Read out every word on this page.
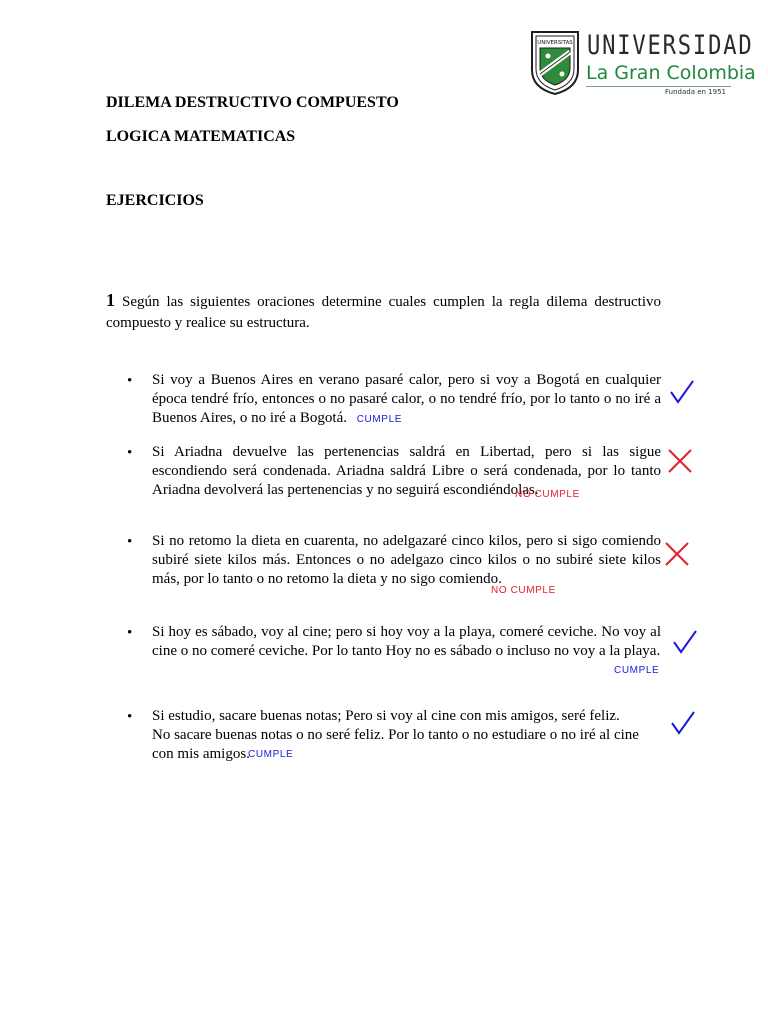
UNIVERSITAS UNIVERSIDAD
La Gran Colombia
Fundada en 1951
DILEMA DESTRUCTIVO COMPUESTO
LOGICA MATEMATICAS
EJERCICIOS
1 Según las siguientes oraciones determine cuales cumplen la regla dilema destructivo compuesto y realice su estructura.
• Si voy a Buenos Aires en verano pasaré calor, pero si voy a Bogotá en cualquier época tendré frío, entonces o no pasaré calor, o no tendré frío, por lo tanto o no iré a Buenos Aires, o no iré a Bogotá. CUMPLE
• Si Ariadna devuelve las pertenencias saldrá en Libertad, pero si las sigue escondiendo será condenada. Ariadna saldrá Libre o será condenada, por lo tanto Ariadna devolverá las pertenencias y no seguirá escondiéndolas.
NO CUMPLE
• Si no retomo la dieta en cuarenta, no adelgazaré cinco kilos, pero si sigo comiendo subiré siete kilos más. Entonces o no adelgazo cinco kilos o no subiré siete kilos más, por lo tanto o no retomo la dieta y no sigo comiendo.
NO CUMPLE
• Si hoy es sábado, voy al cine; pero si hoy voy a la playa, comeré ceviche. No voy al cine o no comeré ceviche. Por lo tanto Hoy no es sábado o incluso no voy a la playa.
CUMPLE
• Si estudio, sacare buenas notas; Pero si voy al cine con mis amigos, seré feliz.
No sacare buenas notas o no seré feliz. Por lo tanto o no estudiare o no iré al cine con mis amigos.
CUMPLE
